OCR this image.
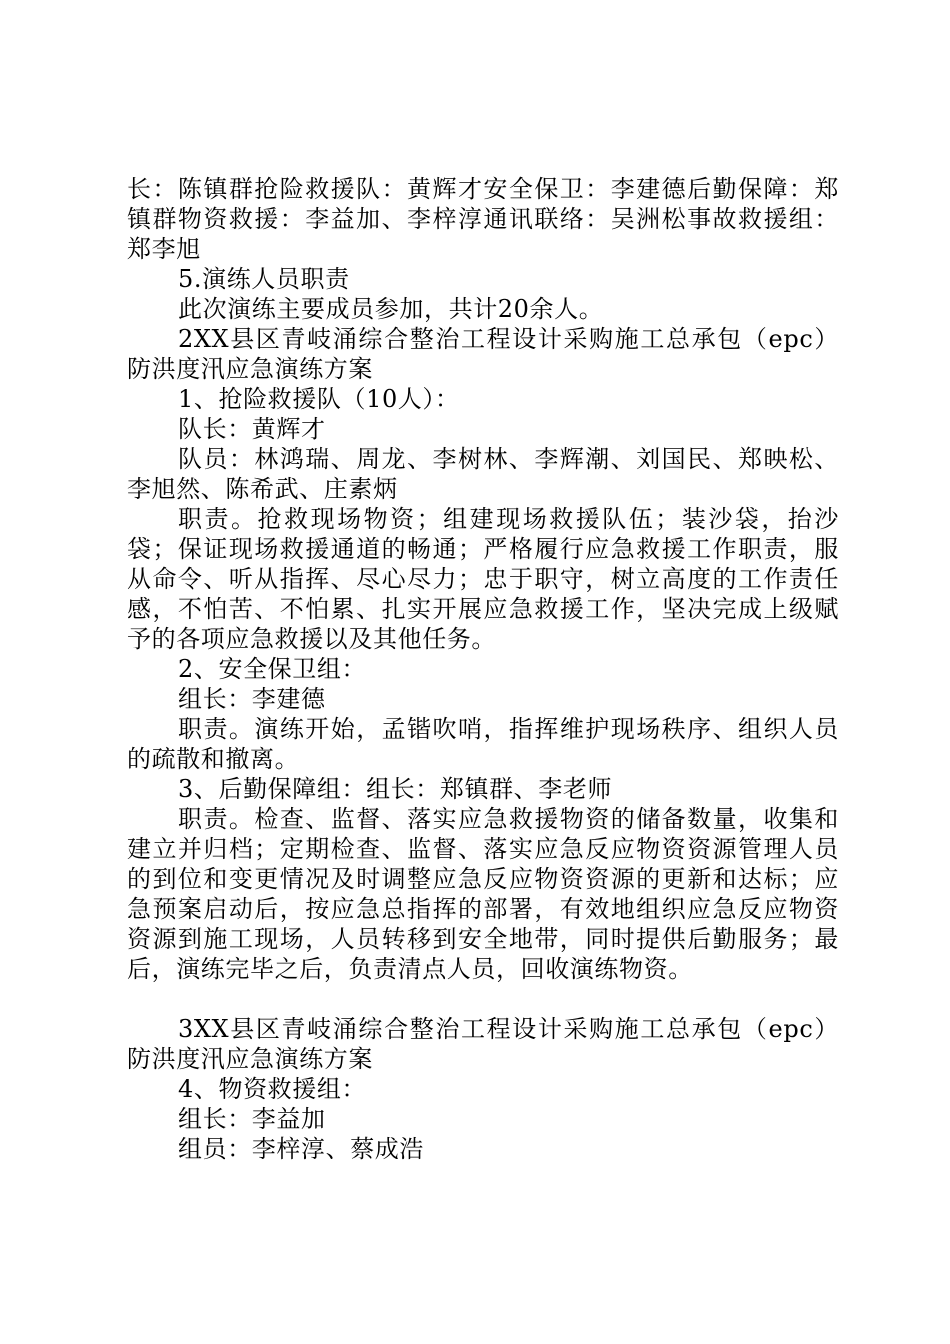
长：陈镇群抢险救援队：黄辉才安全保卫：李建德后勤保障：郑镇群物资救援：李益加、李梓淳通讯联络：吴洲松事故救援组：郑李旭

5.演练人员职责

此次演练主要成员参加，共计20余人。

2XX县区青岐涌综合整治工程设计采购施工总承包（epc）防洪度汛应急演练方案

1、抢险救援队（10人）：

队长：黄辉才

队员：林鸿瑞、周龙、李树林、李辉潮、刘国民、郑映松、李旭然、陈希武、庄素炳

职责。抢救现场物资；组建现场救援队伍；装沙袋，抬沙袋；保证现场救援通道的畅通；严格履行应急救援工作职责，服从命令、听从指挥、尽心尽力；忠于职守，树立高度的工作责任感，不怕苦、不怕累、扎实开展应急救援工作，坚决完成上级赋予的各项应急救援以及其他任务。

2、安全保卫组：

组长：李建德

职责。演练开始，孟锴吹哨，指挥维护现场秩序、组织人员的疏散和撤离。

3、后勤保障组：组长：郑镇群、李老师

职责。检查、监督、落实应急救援物资的储备数量，收集和建立并归档；定期检查、监督、落实应急反应物资资源管理人员的到位和变更情况及时调整应急反应物资资源的更新和达标；应急预案启动后，按应急总指挥的部署，有效地组织应急反应物资资源到施工现场，人员转移到安全地带，同时提供后勤服务；最后，演练完毕之后，负责清点人员，回收演练物资。

3XX县区青岐涌综合整治工程设计采购施工总承包（epc）防洪度汛应急演练方案

4、物资救援组：

组长：李益加

组员：李梓淳、蔡成浩
